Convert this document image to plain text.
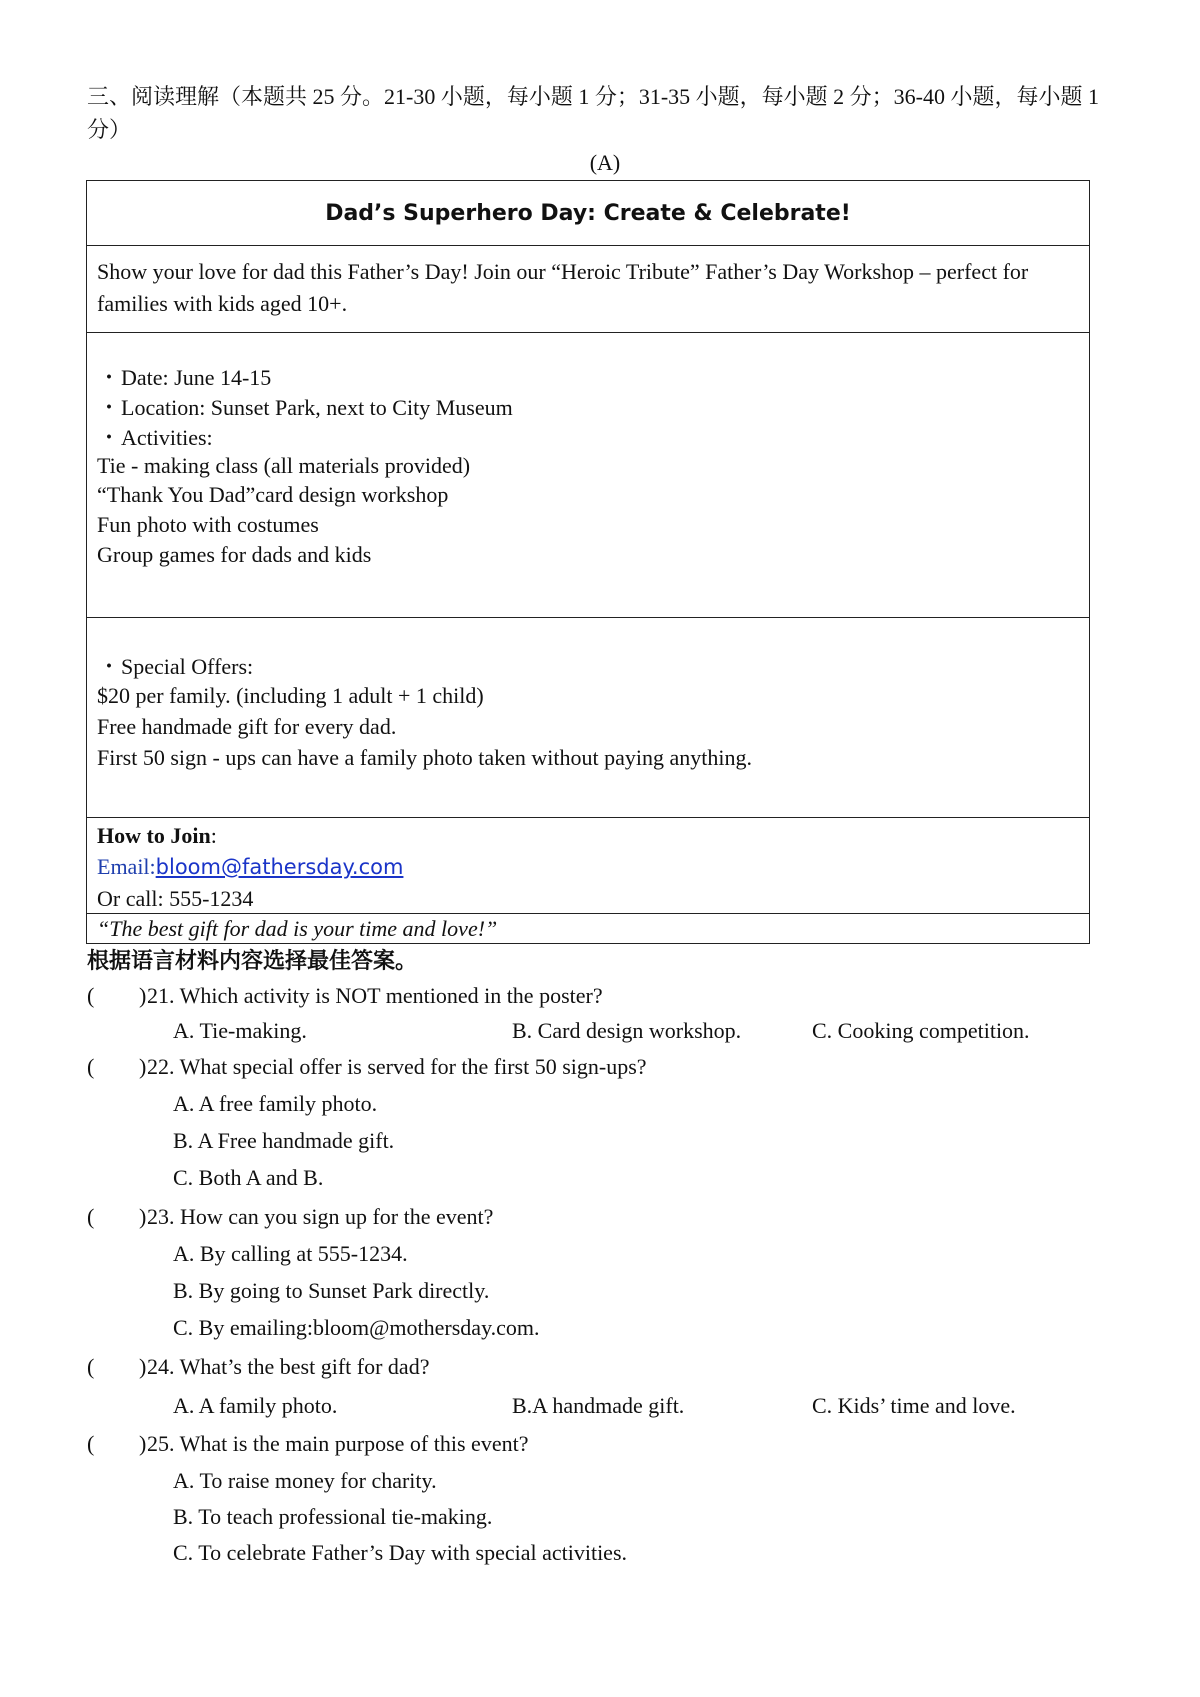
三、阅读理解（本题共 25 分。21-30 小题，每小题 1 分；31-35 小题，每小题 2 分；36-40 小题，每小题 1 分）

(A)
Dad’s Superhero Day: Create & Celebrate!
Show your love for dad this Father’s Day! Join our “Heroic Tribute” Father’s Day Workshop – perfect for families with kids aged 10+.
・ Date: June 14-15
・ Location: Sunset Park, next to City Museum
・ Activities:
Tie - making class (all materials provided)
“Thank You Dad”card design workshop
Fun photo with costumes
Group games for dads and kids
・ Special Offers:
$20 per family. (including 1 adult + 1 child)
Free handmade gift for every dad.
First 50 sign - ups can have a family photo taken without paying anything.
How to Join:
Email:bloom@fathersday.com
Or call: 555-1234
“The best gift for dad is your time and love!”
根据语言材料内容选择最佳答案。
( ) 21. Which activity is NOT mentioned in the poster?
A. Tie-making.	B. Card design workshop.	C. Cooking competition.
( ) 22. What special offer is served for the first 50 sign-ups?
A. A free family photo.
B. A Free handmade gift.
C. Both A and B.
( ) 23. How can you sign up for the event?
A. By calling at 555-1234.
B. By going to Sunset Park directly.
C. By emailing:bloom@mothersday.com.
( ) 24. What’s the best gift for dad?
A. A family photo.	B.A handmade gift.	C. Kids’ time and love.
( ) 25. What is the main purpose of this event?
A. To raise money for charity.
B. To teach professional tie-making.
C. To celebrate Father’s Day with special activities.
